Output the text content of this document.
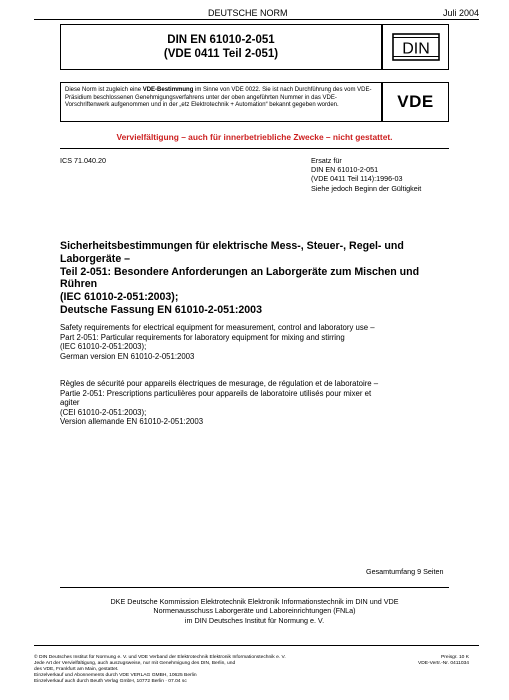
DEUTSCHE NORM	Juli 2004
DIN EN 61010-2-051
(VDE 0411 Teil 2-051)	DIN
Diese Norm ist zugleich eine VDE-Bestimmung im Sinne von VDE 0022. Sie ist nach Durchführung des vom VDE-Präsidium beschlossenen Genehmigungsverfahrens unter der oben angeführten Nummer in das VDE-Vorschriftenwerk aufgenommen und in der „etz Elektrotechnik + Automation“ bekannt gegeben worden.	VDE
Vervielfältigung – auch für innerbetriebliche Zwecke – nicht gestattet.
ICS 71.040.20	Ersatz für
DIN EN 61010-2-051
(VDE 0411 Teil 114):1996-03
Siehe jedoch Beginn der Gültigkeit
Sicherheitsbestimmungen für elektrische Mess-, Steuer-, Regel- und
Laborgeräte –
Teil 2-051: Besondere Anforderungen an Laborgeräte zum Mischen und
Rühren
(IEC 61010-2-051:2003);
Deutsche Fassung EN 61010-2-051:2003
Safety requirements for electrical equipment for measurement, control and laboratory use –
Part 2-051: Particular requirements for laboratory equipment for mixing and stirring
(IEC 61010-2-051:2003);
German version EN 61010-2-051:2003
Règles de sécurité pour appareils électriques de mesurage, de régulation et de laboratoire –
Partie 2-051: Prescriptions particulières pour appareils de laboratoire utilisés pour mixer et
agiter
(CEI 61010-2-051:2003);
Version allemande EN 61010-2-051:2003
Gesamtumfang 9 Seiten
DKE Deutsche Kommission Elektrotechnik Elektronik Informationstechnik im DIN und VDE
Normenausschuss Laborgeräte und Laboreinrichtungen (FNLa)
im DIN Deutsches Institut für Normung e. V.
© DIN Deutsches Institut für Normung e. V. und VDE Verband der Elektrotechnik Elektronik Informationstechnik e. V.
Jede Art der Vervielfältigung, auch auszugsweise, nur mit Genehmigung des DIN, Berlin, und
des VDE, Frankfurt am Main, gestattet.
Einzelverkauf und Abonnements durch VDE VERLAG GMBH, 10625 Berlin
Einzelverkauf auch durch Beuth Verlag GmbH, 10772 Berlin · 07.04 sc
Preisgr. 10 K
VDE-Vertr.-Nr. 0411034
